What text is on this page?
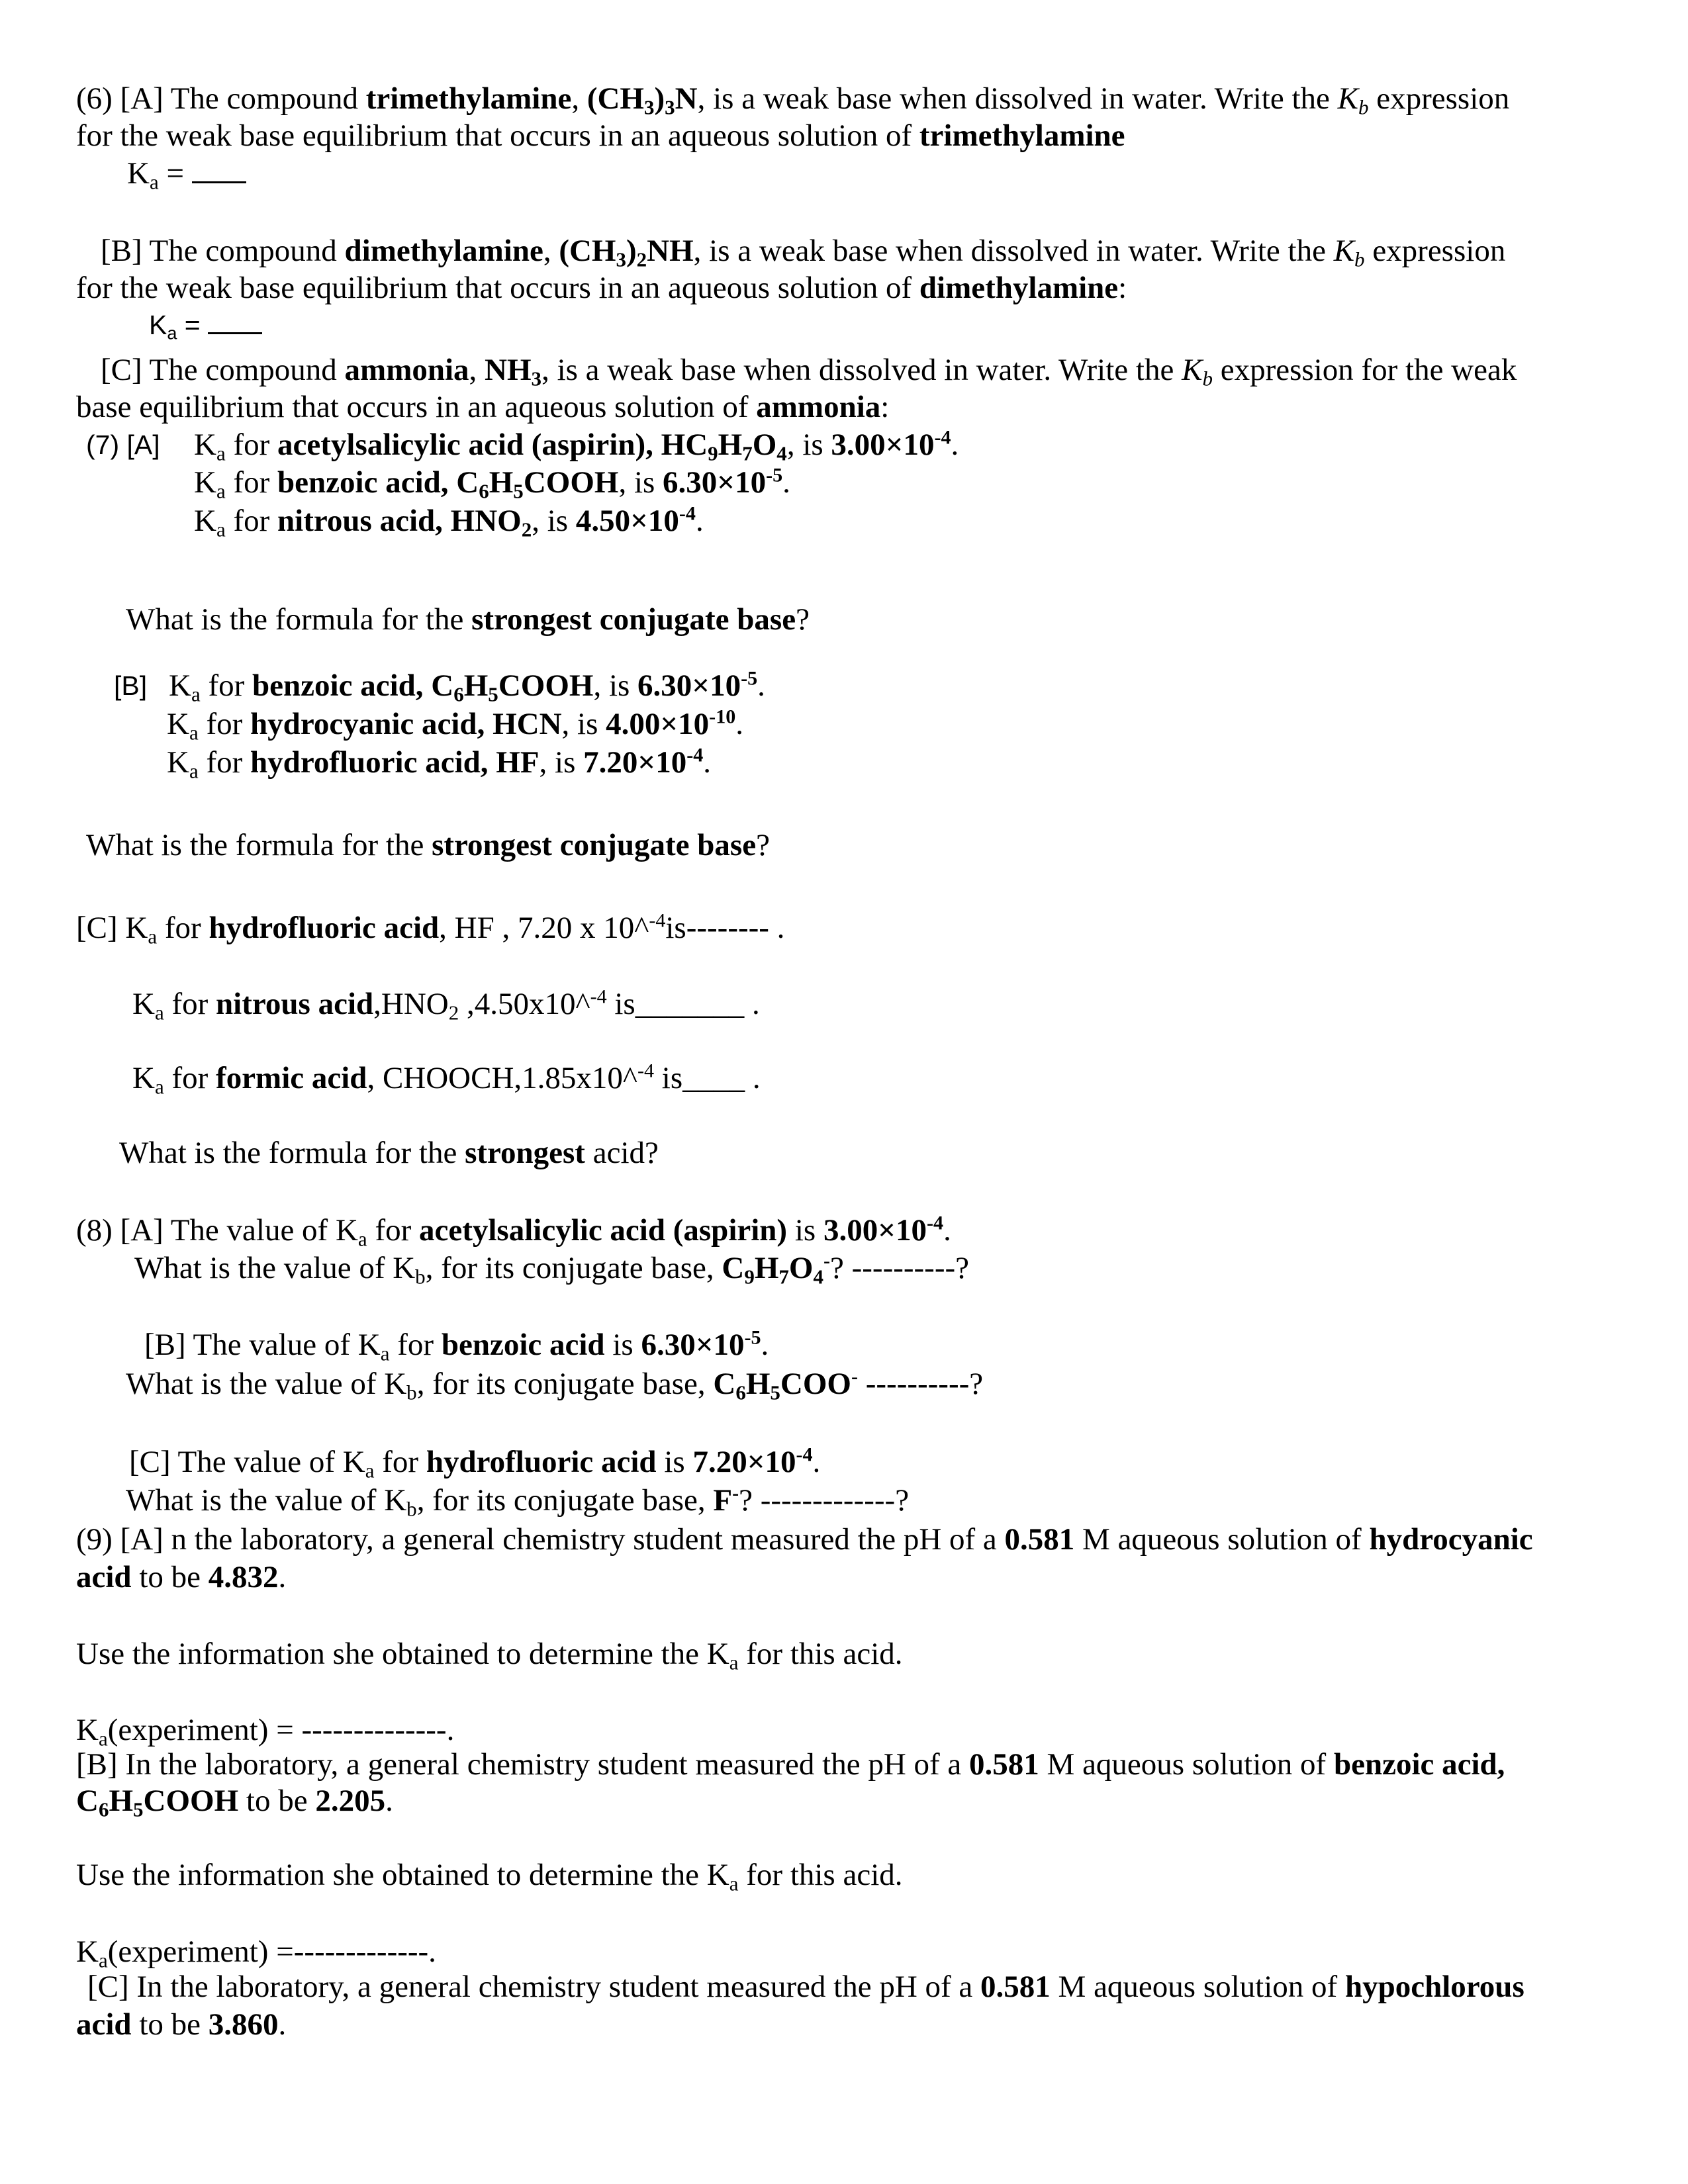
(6) [A] The compound trimethylamine, $(CH_3)_3N$, is a weak base when dissolved in water. Write the $K_b$ expression
for the weak base equilibrium that occurs in an aqueous solution of trimethylamine
$K_a$ =
[B] The compound dimethylamine, $(CH_3)_2NH$, is a weak base when dissolved in water. Write the $K_b$ expression
for the weak base equilibrium that occurs in an aqueous solution of dimethylamine:
$K_a$ =
[C] The compound ammonia, $NH_3$, is a weak base when dissolved in water. Write the $K_b$ expression for the weak
base equilibrium that occurs in an aqueous solution of ammonia:
(7) [A] $K_a$ for acetylsalicylic acid (aspirin), $HC_9H_7O_4$, is $3.00\times 10^{-4}$.
$K_a$ for benzoic acid, $C_6H_5COOH$, is $6.30\times 10^{-5}$.
$K_a$ for nitrous acid, $HNO_2$, is $4.50\times 10^{-4}$.
What is the formula for the strongest conjugate base?
[B] $K_a$ for benzoic acid, $C_6H_5COOH$, is $6.30\times 10^{-5}$.
$K_a$ for hydrocyanic acid, HCN, is $4.00\times 10^{-10}$.
$K_a$ for hydrofluoric acid, HF, is $7.20\times 10^{-4}$.
What is the formula for the strongest conjugate base?
[C] $K_a$ for hydrofluoric acid, HF , 7.20 x 10^$^{-4}$is-------- .
$K_a$ for nitrous $acid,HNO_2$ ,4.50x10^$^{-4}$ is_______ .
$K_a$ for formic acid, CHOOCH,1.85x10^$^{-4}$ is____ .
What is the formula for the strongest acid?
(8) [A] The value of $K_a$ for acetylsalicylic acid (aspirin) is $3.00\times 10^{-4}$.
What is the value of $K_b$, for its conjugate base, $C_9H_7O_4^-$? ----------?
[B] The value of $K_a$ for benzoic acid is $6.30\times 10^{-5}$.
What is the value of $K_b$, for its conjugate base, $C_6H_5COO^-$ ----------?
[C] The value of $K_a$ for hydrofluoric acid is $7.20\times 10^{-4}$.
What is the value of $K_b$, for its conjugate base, F-? -------------?
(9) [A] n the laboratory, a general chemistry student measured the pH of a 0.581 M aqueous solution of hydrocyanic
acid to be 4.832.
Use the information she obtained to determine the $K_a$ for this acid.
$K_a(experiment)$ = --------------.
[B] In the laboratory, a general chemistry student measured the pH of a 0.581 M aqueous solution of benzoic acid,
$C_6H_5COOH$ to be 2.205.
Use the information she obtained to determine the $K_a$ for this acid.
$K_a(experiment)$ =-------------.
[C] In the laboratory, a general chemistry student measured the pH of a 0.581 M aqueous solution of hypochlorous
acid to be 3.860.
